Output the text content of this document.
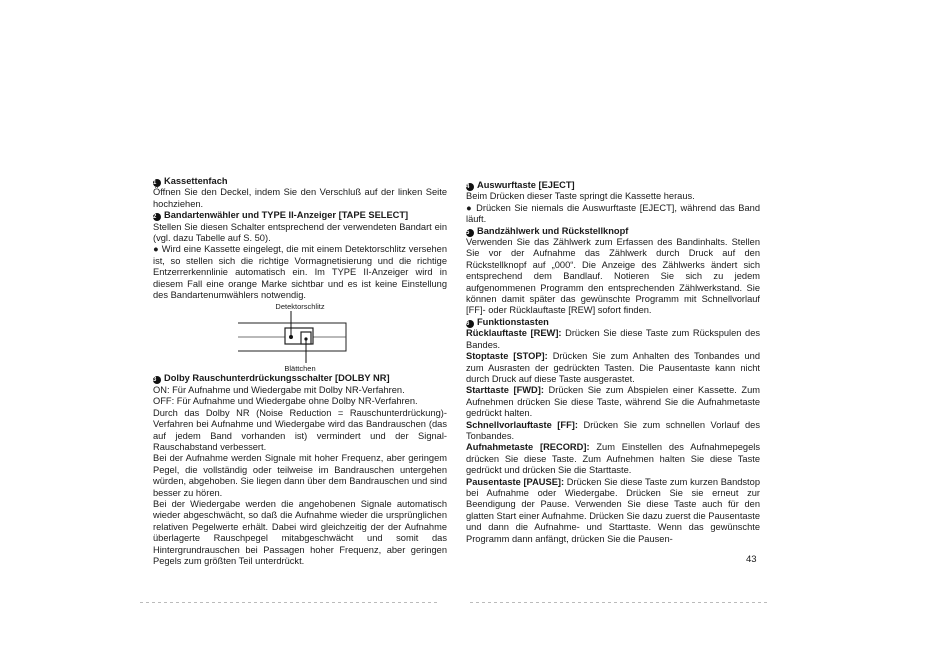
1 Kassettenfach

Öffnen Sie den Deckel, indem Sie den Verschluß auf der linken Seite hochziehen.

2 Bandartenwähler und TYPE II-Anzeiger [TAPE SELECT]

Stellen Sie diesen Schalter entsprechend der verwendeten Bandart ein (vgl. dazu Tabelle auf S. 50).

● Wird eine Kassette eingelegt, die mit einem Detektorschlitz versehen ist, so stellen sich die richtige Vormagnetisierung und die richtige Entzerrerkennlinie automatisch ein. Im TYPE II-Anzeiger wird in diesem Fall eine orange Marke sichtbar und es ist keine Einstellung des Bandartenumwählers notwendig.

Detektorschlitz
Blättchen

3 Dolby Rauschunterdrückungsschalter [DOLBY NR]

ON: Für Aufnahme und Wiedergabe mit Dolby NR-Verfahren.

OFF: Für Aufnahme und Wiedergabe ohne Dolby NR-Verfahren.

Durch das Dolby NR (Noise Reduction = Rauschunterdrückung)-Verfahren bei Aufnahme und Wiedergabe wird das Bandrauschen (das auf jedem Band vorhanden ist) vermindert und der Signal-Rauschabstand verbessert.

Bei der Aufnahme werden Signale mit hoher Frequenz, aber geringem Pegel, die vollständig oder teilweise im Bandrauschen untergehen würden, abgehoben. Sie liegen dann über dem Bandrauschen und sind besser zu hören.

Bei der Wiedergabe werden die angehobenen Signale automatisch wieder abgeschwächt, so daß die Aufnahme wieder die ursprünglichen relativen Pegelwerte erhält. Dabei wird gleichzeitig der der Aufnahme überlagerte Rauschpegel mitabgeschwächt und somit das Hintergrundrauschen bei Passagen hoher Frequenz, aber geringen Pegels zum größten Teil unterdrückt.

4 Auswurftaste [EJECT]

Beim Drücken dieser Taste springt die Kassette heraus.

● Drücken Sie niemals die Auswurftaste [EJECT], während das Band läuft.

5 Bandzählwerk und Rückstellknopf

Verwenden Sie das Zählwerk zum Erfassen des Bandinhalts. Stellen Sie vor der Aufnahme das Zählwerk durch Druck auf den Rückstellknopf auf „000“. Die Anzeige des Zählwerks ändert sich entsprechend dem Bandlauf. Notieren Sie sich zu jedem aufgenommenen Programm den entsprechenden Zählwerkstand. Sie können damit später das gewünschte Programm mit Schnellvorlauf [FF]- oder Rücklauftaste [REW] sofort finden.

6 Funktionstasten

Rücklauftaste [REW]: Drücken Sie diese Taste zum Rückspulen des Bandes.

Stoptaste [STOP]: Drücken Sie zum Anhalten des Tonbandes und zum Ausrasten der gedrückten Tasten. Die Pausentaste kann nicht durch Druck auf diese Taste ausgerastet.

Starttaste [FWD]: Drücken Sie zum Abspielen einer Kassette. Zum Aufnehmen drücken Sie diese Taste, während Sie die Aufnahmetaste gedrückt halten.

Schnellvorlauftaste [FF]: Drücken Sie zum schnellen Vorlauf des Tonbandes.

Aufnahmetaste [RECORD]: Zum Einstellen des Aufnahmepegels drücken Sie diese Taste. Zum Aufnehmen halten Sie diese Taste gedrückt und drücken Sie die Starttaste.

Pausentaste [PAUSE]: Drücken Sie diese Taste zum kurzen Bandstop bei Aufnahme oder Wiedergabe. Drücken Sie sie erneut zur Beendigung der Pause. Verwenden Sie diese Taste auch für den glatten Start einer Aufnahme. Drücken Sie dazu zuerst die Pausentaste und dann die Aufnahme- und Starttaste. Wenn das gewünschte Programm dann anfängt, drücken Sie die Pausen-

43
